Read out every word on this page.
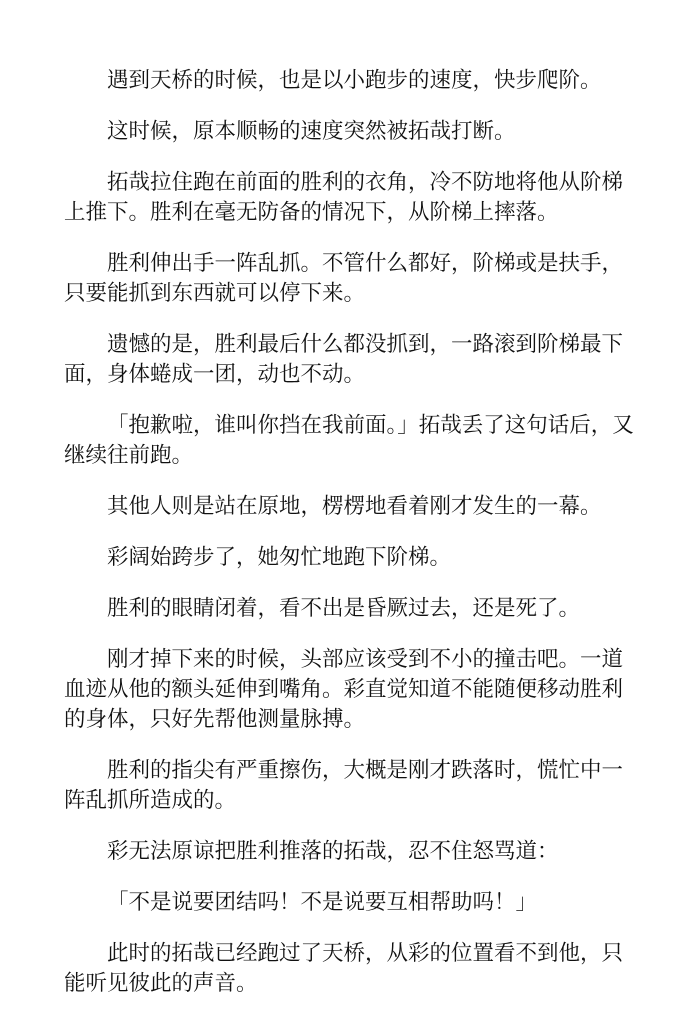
遇到天桥的时候，也是以小跑步的速度，快步爬阶。

这时候，原本顺畅的速度突然被拓哉打断。

拓哉拉住跑在前面的胜利的衣角，冷不防地将他从阶梯上推下。胜利在毫无防备的情况下，从阶梯上摔落。

胜利伸出手一阵乱抓。不管什么都好，阶梯或是扶手，只要能抓到东西就可以停下来。

遗憾的是，胜利最后什么都没抓到，一路滚到阶梯最下面，身体蜷成一团，动也不动。

「抱歉啦，谁叫你挡在我前面。」拓哉丢了这句话后，又继续往前跑。

其他人则是站在原地，楞楞地看着刚才发生的一幕。

彩阔始跨步了，她匆忙地跑下阶梯。

胜利的眼睛闭着，看不出是昏厥过去，还是死了。

刚才掉下来的时候，头部应该受到不小的撞击吧。一道血迹从他的额头延伸到嘴角。彩直觉知道不能随便移动胜利的身体，只好先帮他测量脉搏。

胜利的指尖有严重擦伤，大概是刚才跌落时，慌忙中一阵乱抓所造成的。

彩无法原谅把胜利推落的拓哉，忍不住怒骂道：

「不是说要团结吗！不是说要互相帮助吗！」

此时的拓哉已经跑过了天桥，从彩的位置看不到他，只能听见彼此的声音。
